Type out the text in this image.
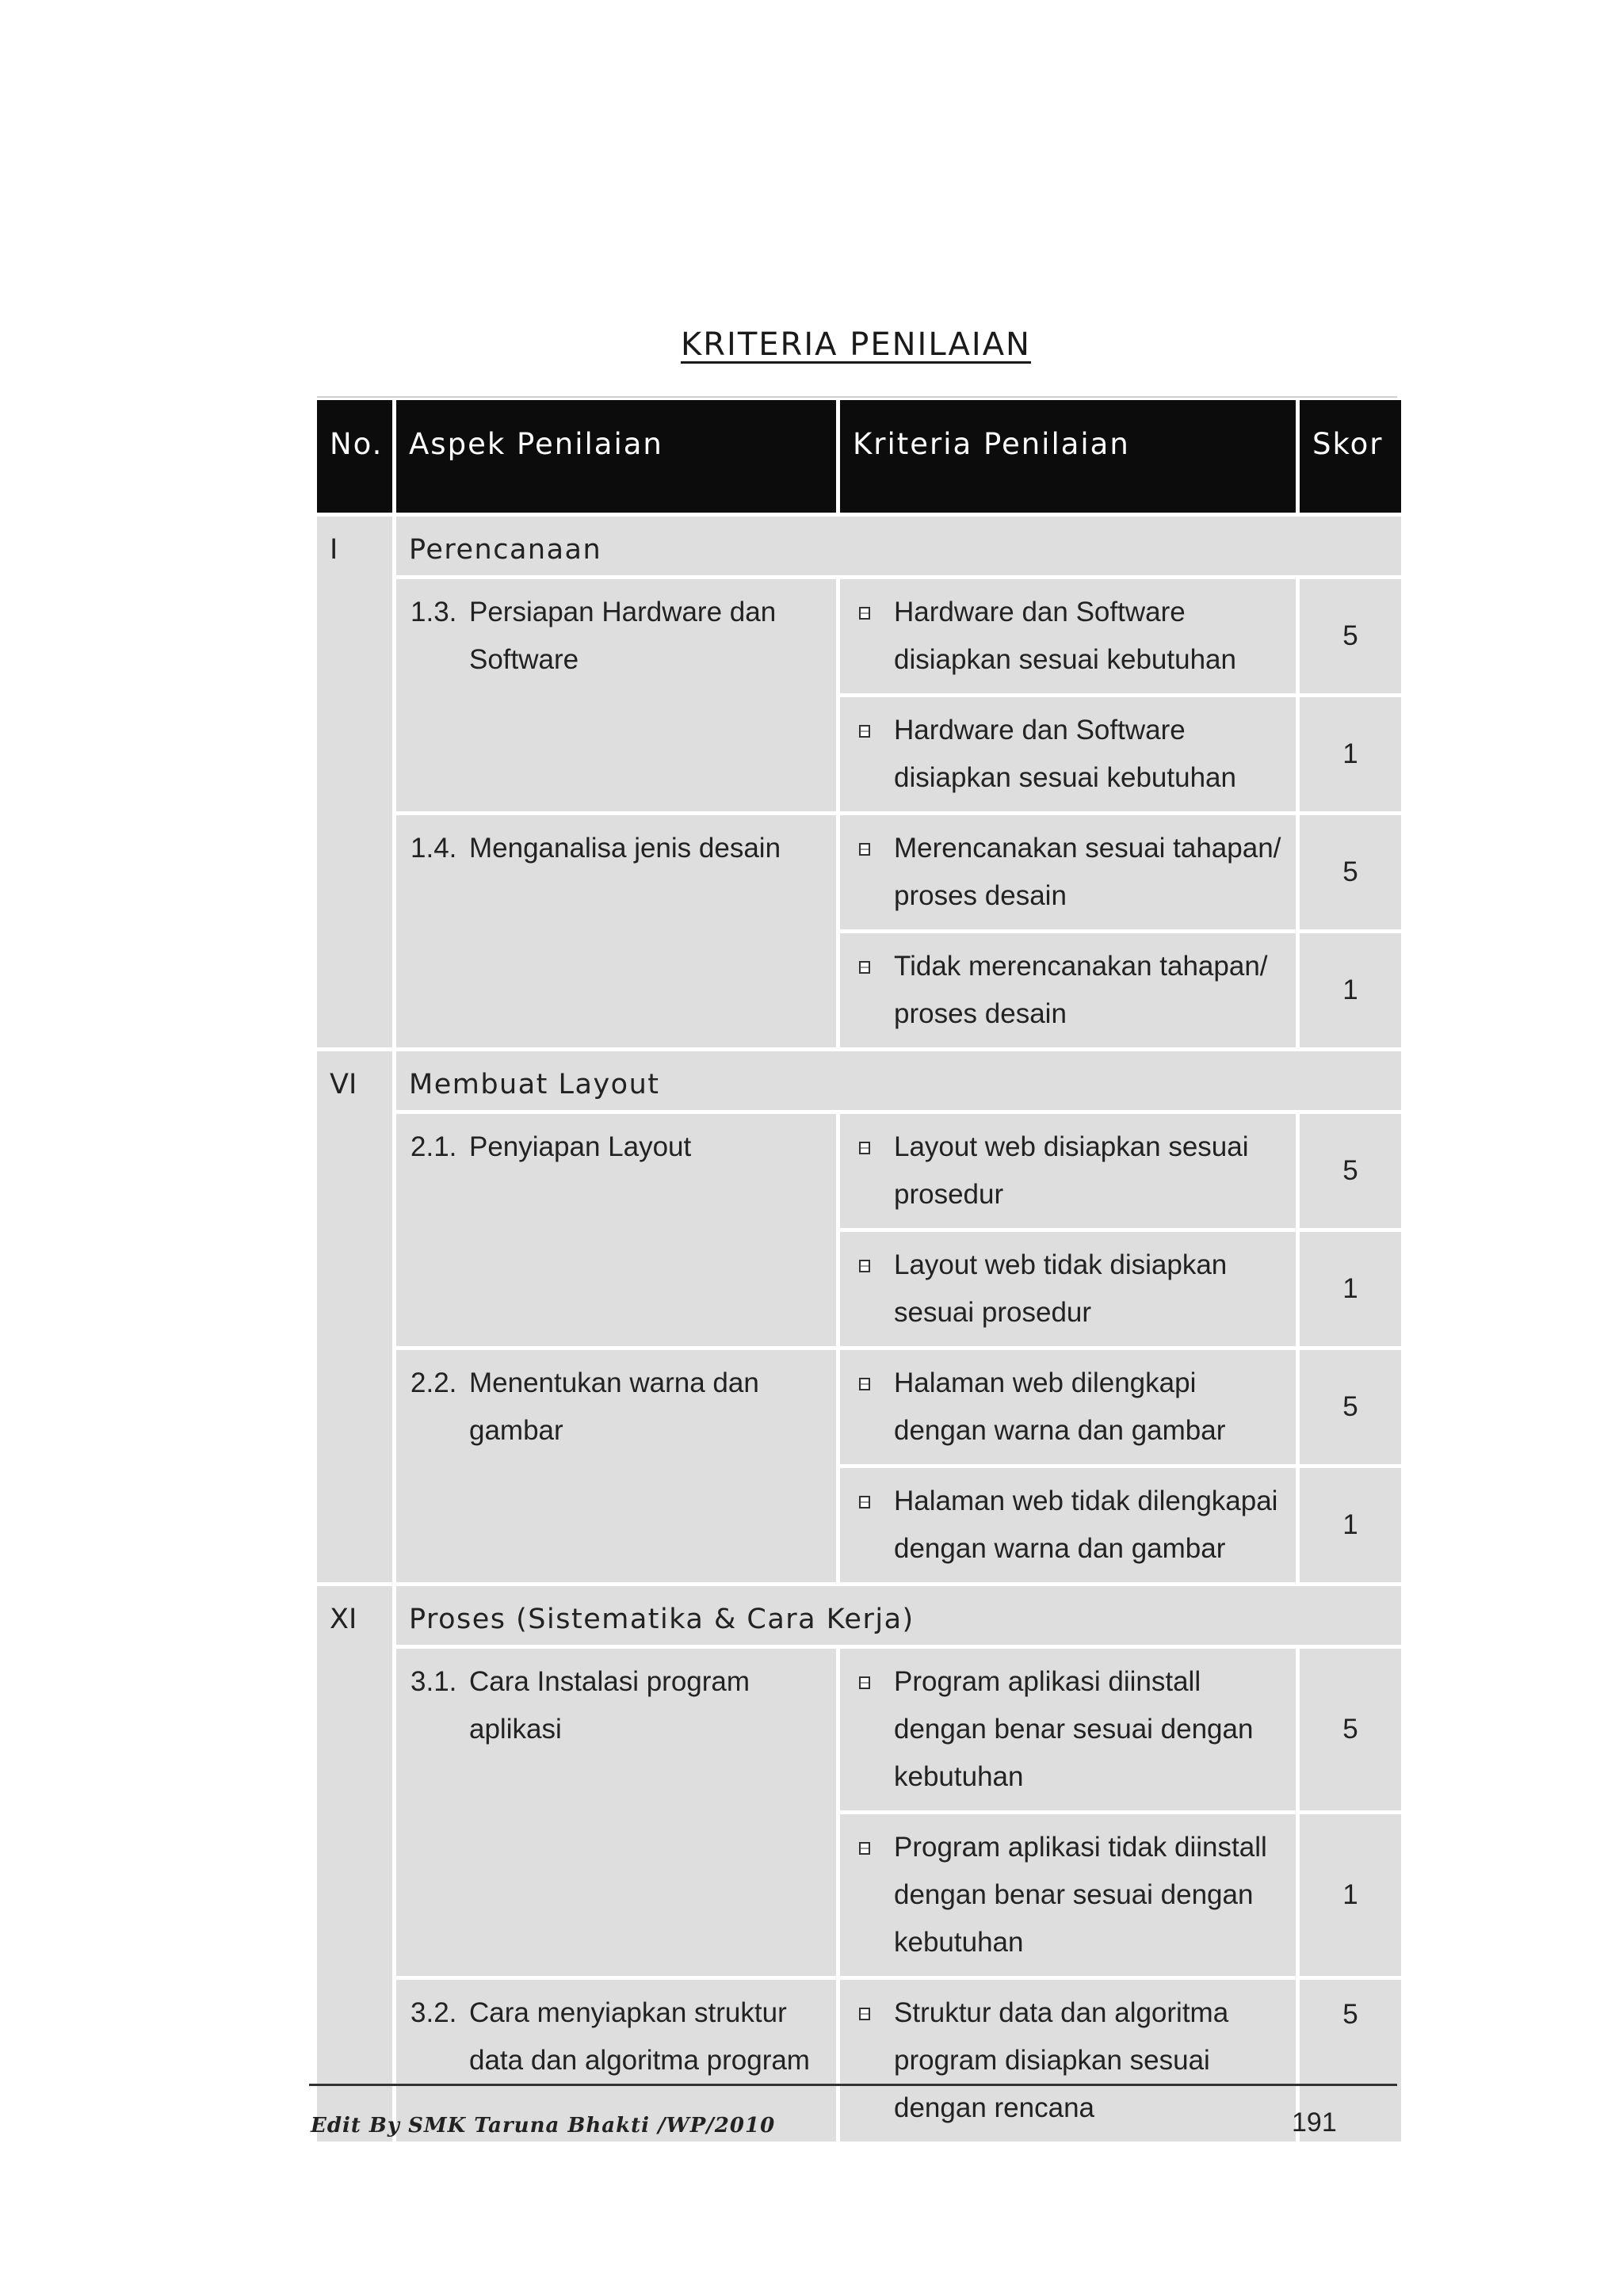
KRITERIA PENILAIAN
No.	Aspek Penilaian	Kriteria Penilaian	Skor
I	Perencanaan		

	1.3. Persiapan Hardware dan Software	Hardware dan Software disiapkan sesuai kebutuhan	5

		Hardware dan Software disiapkan sesuai kebutuhan	1

	1.4. Menganalisa jenis desain	Merencanakan sesuai tahapan/ proses desain	5

		Tidak merencanakan tahapan/ proses desain	1
VI	Membuat Layout		

	2.1. Penyiapan Layout	Layout web disiapkan sesuai prosedur	5

		Layout web tidak disiapkan sesuai prosedur	1

	2.2. Menentukan warna dan gambar	Halaman web dilengkapi dengan warna dan gambar	5

		Halaman web tidak dilengkapai dengan warna dan gambar	1
XI	Proses (Sistematika & Cara Kerja)		

	3.1. Cara Instalasi program aplikasi	Program aplikasi diinstall dengan benar sesuai dengan kebutuhan	5

		Program aplikasi tidak diinstall dengan benar sesuai dengan kebutuhan	1

	3.2. Cara menyiapkan struktur data dan algoritma program	Struktur data dan algoritma program disiapkan sesuai dengan rencana	5
Edit By SMK Taruna Bhakti /WP/2010	191
